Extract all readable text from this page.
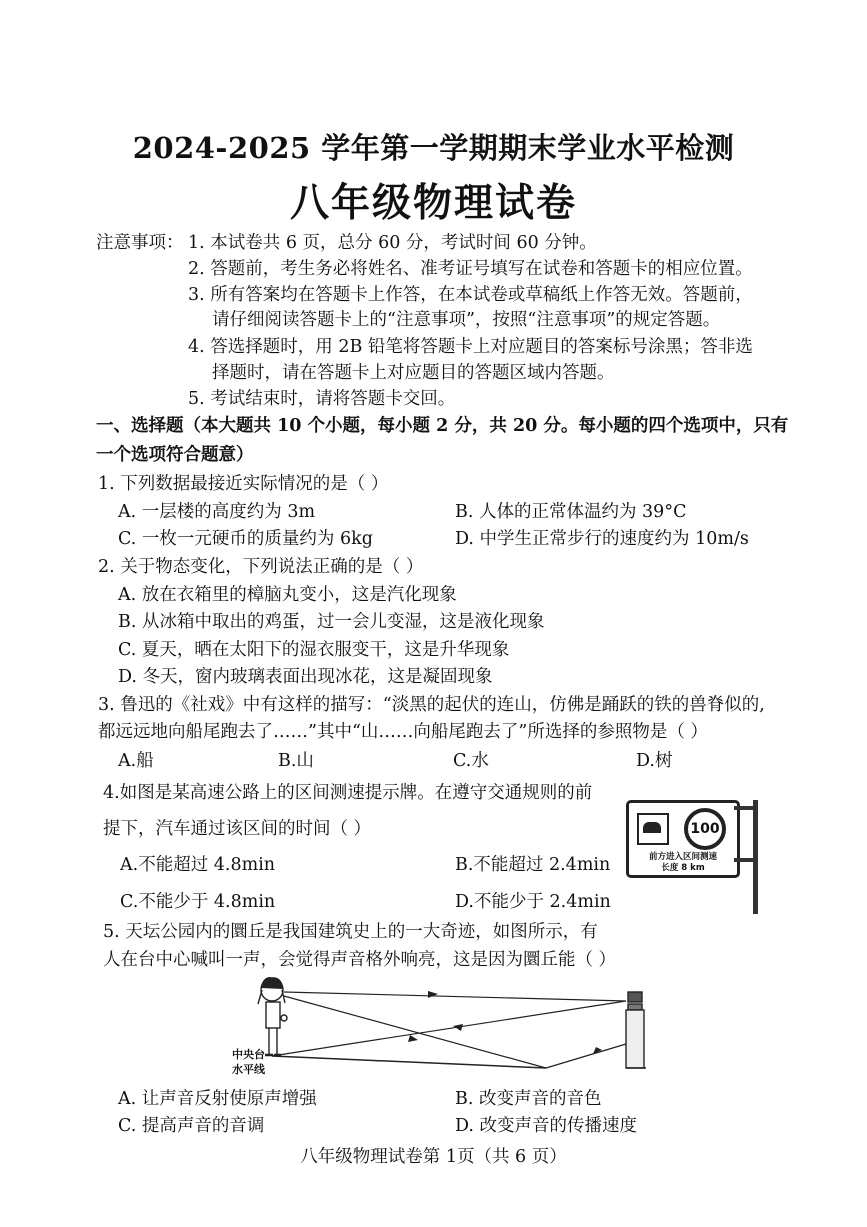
2024-2025 学年第一学期期末学业水平检测
八年级物理试卷
注意事项： 1. 本试卷共 6 页，总分 60 分，考试时间 60 分钟。
2. 答题前，考生务必将姓名、准考证号填写在试卷和答题卡的相应位置。
3. 所有答案均在答题卡上作答，在本试卷或草稿纸上作答无效。答题前，
请仔细阅读答题卡上的“注意事项”，按照“注意事项”的规定答题。
4. 答选择题时，用 2B 铅笔将答题卡上对应题目的答案标号涂黑；答非选
择题时，请在答题卡上对应题目的答题区域内答题。
5. 考试结束时，请将答题卡交回。
一、选择题（本大题共 10 个小题，每小题 2 分，共 20 分。每小题的四个选项中，只有
一个选项符合题意）
1. 下列数据最接近实际情况的是（ ）
A. 一层楼的高度约为 3m	B. 人体的正常体温约为 39°C
C. 一枚一元硬币的质量约为 6kg	D. 中学生正常步行的速度约为 10m/s
2. 关于物态变化，下列说法正确的是（ ）
A. 放在衣箱里的樟脑丸变小，这是汽化现象
B. 从冰箱中取出的鸡蛋，过一会儿变湿，这是液化现象
C. 夏天，晒在太阳下的湿衣服变干，这是升华现象
D. 冬天，窗内玻璃表面出现冰花，这是凝固现象
3. 鲁迅的《社戏》中有这样的描写：“淡黑的起伏的连山，仿佛是踊跃的铁的兽脊似的,
都远远地向船尾跑去了……”其中“山……向船尾跑去了”所选择的参照物是（ ）
A.船	B.山	C.水	D.树
4.如图是某高速公路上的区间测速提示牌。在遵守交通规则的前
提下，汽车通过该区间的时间（ ）
A.不能超过 4.8min	B.不能超过 2.4min
C.不能少于 4.8min	D.不能少于 2.4min
100
前方进入区间测速
长度 8 km
5. 天坛公园内的圜丘是我国建筑史上的一大奇迹，如图所示，有
人在台中心喊叫一声，会觉得声音格外响亮，这是因为圜丘能（ ）
中央台
水平线
A. 让声音反射使原声增强	B. 改变声音的音色
C. 提高声音的音调	D. 改变声音的传播速度
八年级物理试卷第 1页（共 6 页）
